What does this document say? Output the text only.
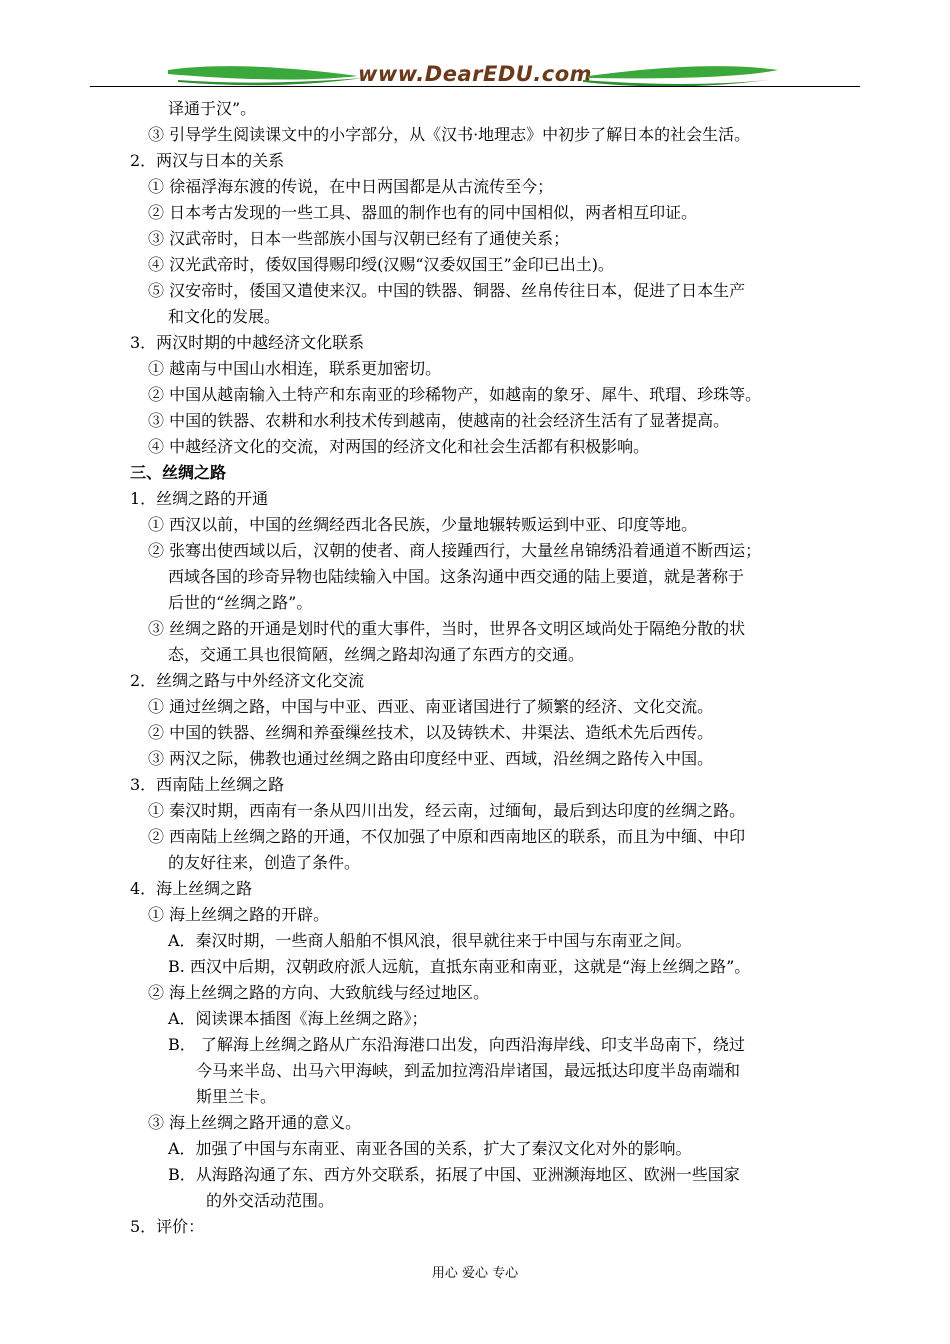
www.DearEDU.com
译通于汉”。
③ 引导学生阅读课文中的小字部分，从《汉书·地理志》中初步了解日本的社会生活。
2．两汉与日本的关系
① 徐福浮海东渡的传说，在中日两国都是从古流传至今；
② 日本考古发现的一些工具、器皿的制作也有的同中国相似，两者相互印证。
③ 汉武帝时，日本一些部族小国与汉朝已经有了通使关系；
④ 汉光武帝时，倭奴国得赐印绶(汉赐“汉委奴国王”金印已出土)。
⑤ 汉安帝时，倭国又遣使来汉。中国的铁器、铜器、丝帛传往日本，促进了日本生产
和文化的发展。
3．两汉时期的中越经济文化联系
① 越南与中国山水相连，联系更加密切。
② 中国从越南输入土特产和东南亚的珍稀物产，如越南的象牙、犀牛、玳瑁、珍珠等。
③ 中国的铁器、农耕和水利技术传到越南，使越南的社会经济生活有了显著提高。
④ 中越经济文化的交流，对两国的经济文化和社会生活都有积极影响。
三、丝绸之路
1．丝绸之路的开通
① 西汉以前，中国的丝绸经西北各民族，少量地辗转贩运到中亚、印度等地。
② 张骞出使西域以后，汉朝的使者、商人接踵西行，大量丝帛锦绣沿着通道不断西运；
西域各国的珍奇异物也陆续输入中国。这条沟通中西交通的陆上要道，就是著称于
后世的“丝绸之路”。
③ 丝绸之路的开通是划时代的重大事件，当时，世界各文明区域尚处于隔绝分散的状
态，交通工具也很简陋，丝绸之路却沟通了东西方的交通。
2．丝绸之路与中外经济文化交流
① 通过丝绸之路，中国与中亚、西亚、南亚诸国进行了频繁的经济、文化交流。
② 中国的铁器、丝绸和养蚕缫丝技术，以及铸铁术、井渠法、造纸术先后西传。
③ 两汉之际，佛教也通过丝绸之路由印度经中亚、西域，沿丝绸之路传入中国。
3．西南陆上丝绸之路
① 秦汉时期，西南有一条从四川出发，经云南，过缅甸，最后到达印度的丝绸之路。
② 西南陆上丝绸之路的开通，不仅加强了中原和西南地区的联系，而且为中缅、中印
的友好往来，创造了条件。
4．海上丝绸之路
① 海上丝绸之路的开辟。
A．秦汉时期，一些商人船舶不惧风浪，很早就往来于中国与东南亚之间。
B. 西汉中后期，汉朝政府派人远航，直抵东南亚和南亚，这就是“海上丝绸之路”。
② 海上丝绸之路的方向、大致航线与经过地区。
A．阅读课本插图《海上丝绸之路》；
B． 了解海上丝绸之路从广东沿海港口出发，向西沿海岸线、印支半岛南下，绕过
今马来半岛、出马六甲海峡，到孟加拉湾沿岸诸国，最远抵达印度半岛南端和
斯里兰卡。
③ 海上丝绸之路开通的意义。
A．加强了中国与东南亚、南亚各国的关系，扩大了秦汉文化对外的影响。
B．从海路沟通了东、西方外交联系，拓展了中国、亚洲濒海地区、欧洲一些国家
的外交活动范围。
5．评价：
用心 爱心 专心
